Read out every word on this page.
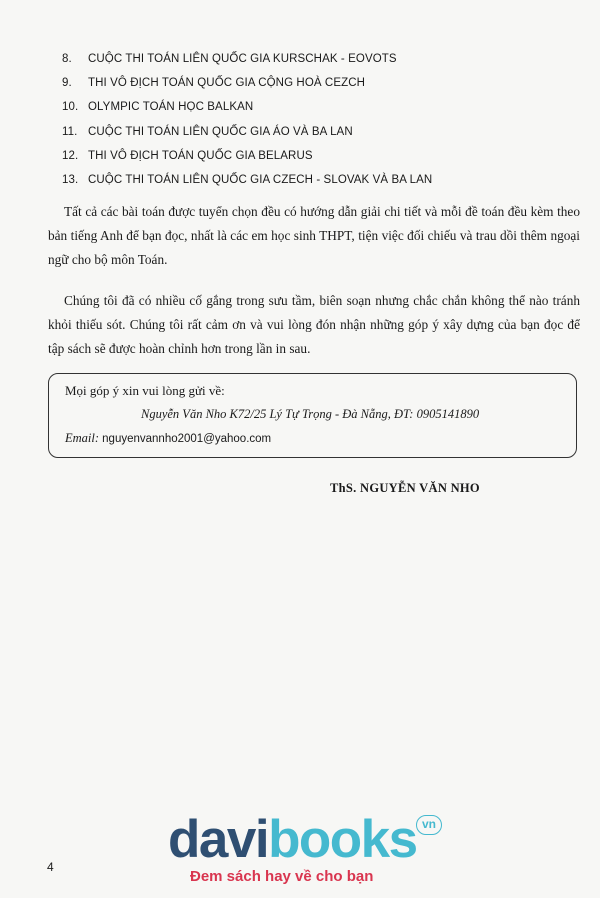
8. CUỘC THI TOÁN LIÊN QUỐC GIA KURSCHAK - EOVOTS
9. THI VÔ ĐỊCH TOÁN QUỐC GIA CỘNG HOÀ CEZCH
10. OLYMPIC TOÁN HỌC BALKAN
11. CUỘC THI TOÁN LIÊN QUỐC GIA ÁO VÀ BA LAN
12. THI VÔ ĐỊCH TOÁN QUỐC GIA BELARUS
13. CUỘC THI TOÁN LIÊN QUỐC GIA CZECH - SLOVAK VÀ BA LAN

Tất cả các bài toán được tuyển chọn đều có hướng dẫn giải chi tiết và mỗi đề toán đều kèm theo bản tiếng Anh để bạn đọc, nhất là các em học sinh THPT, tiện việc đối chiếu và trau dồi thêm ngoại ngữ cho bộ môn Toán.

Chúng tôi đã có nhiều cố gắng trong sưu tầm, biên soạn nhưng chắc chắn không thể nào tránh khỏi thiếu sót. Chúng tôi rất cảm ơn và vui lòng đón nhận những góp ý xây dựng của bạn đọc để tập sách sẽ được hoàn chỉnh hơn trong lần in sau.

Mọi góp ý xin vui lòng gửi về:
Nguyễn Văn Nho K72/25 Lý Tự Trọng - Đà Nẵng, ĐT: 0905141890
Email: nguyenvannho2001@yahoo.com
ThS. NGUYỄN VĂN NHO
4 davibooks vn
Đem sách hay về cho bạn
